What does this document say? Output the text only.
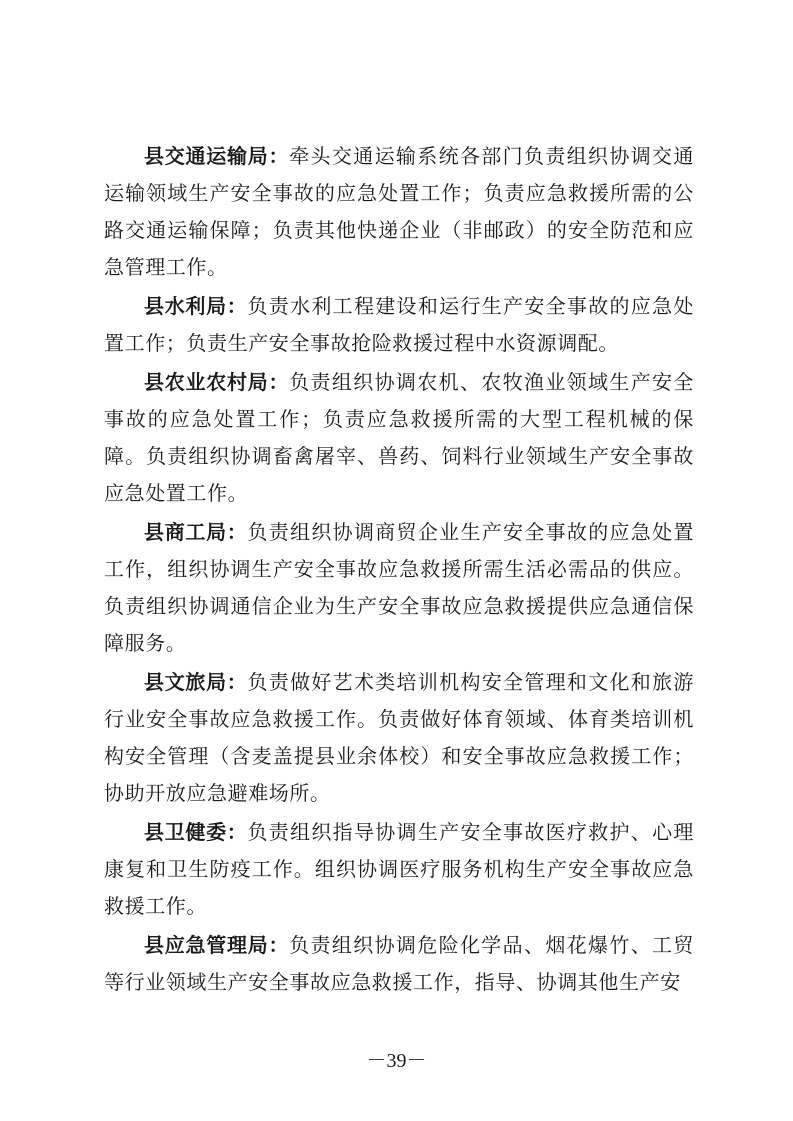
县交通运输局：牵头交通运输系统各部门负责组织协调交通运输领域生产安全事故的应急处置工作；负责应急救援所需的公路交通运输保障；负责其他快递企业（非邮政）的安全防范和应急管理工作。

县水利局：负责水利工程建设和运行生产安全事故的应急处置工作；负责生产安全事故抢险救援过程中水资源调配。

县农业农村局：负责组织协调农机、农牧渔业领域生产安全事故的应急处置工作；负责应急救援所需的大型工程机械的保障。负责组织协调畜禽屠宰、兽药、饲料行业领域生产安全事故应急处置工作。

县商工局：负责组织协调商贸企业生产安全事故的应急处置工作，组织协调生产安全事故应急救援所需生活必需品的供应。负责组织协调通信企业为生产安全事故应急救援提供应急通信保障服务。

县文旅局：负责做好艺术类培训机构安全管理和文化和旅游行业安全事故应急救援工作。负责做好体育领域、体育类培训机构安全管理（含麦盖提县业余体校）和安全事故应急救援工作；协助开放应急避难场所。

县卫健委：负责组织指导协调生产安全事故医疗救护、心理康复和卫生防疫工作。组织协调医疗服务机构生产安全事故应急救援工作。

县应急管理局：负责组织协调危险化学品、烟花爆竹、工贸等行业领域生产安全事故应急救援工作，指导、协调其他生产安

－39－
